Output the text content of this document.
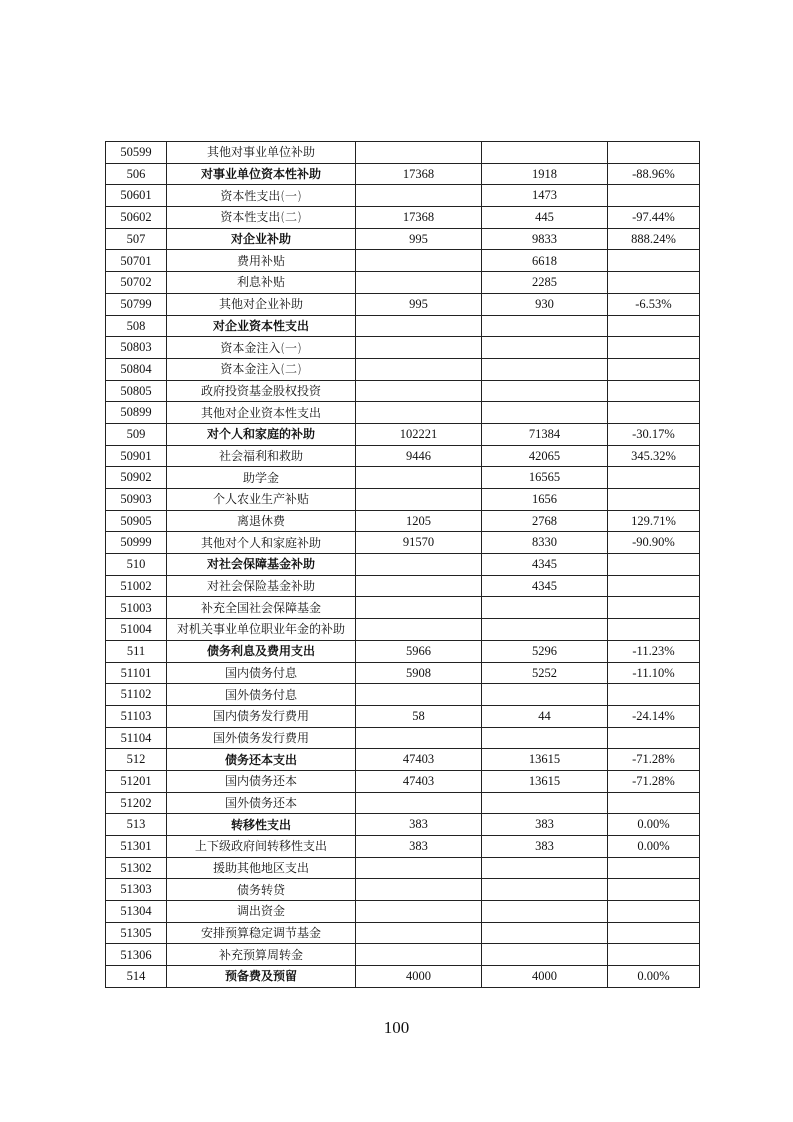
50599	其他对事业单位补助			
506	对事业单位资本性补助	17368	1918	-88.96%
50601	资本性支出(一)		1473	
50602	资本性支出(二)	17368	445	-97.44%
507	对企业补助	995	9833	888.24%
50701	费用补贴		6618	
50702	利息补贴		2285	
50799	其他对企业补助	995	930	-6.53%
508	对企业资本性支出			
50803	资本金注入(一)			
50804	资本金注入(二)			
50805	政府投资基金股权投资			
50899	其他对企业资本性支出			
509	对个人和家庭的补助	102221	71384	-30.17%
50901	社会福利和救助	9446	42065	345.32%
50902	助学金		16565	
50903	个人农业生产补贴		1656	
50905	离退休费	1205	2768	129.71%
50999	其他对个人和家庭补助	91570	8330	-90.90%
510	对社会保障基金补助		4345	
51002	对社会保险基金补助		4345	
51003	补充全国社会保障基金			
51004	对机关事业单位职业年金的补助			
511	债务利息及费用支出	5966	5296	-11.23%
51101	国内债务付息	5908	5252	-11.10%
51102	国外债务付息			
51103	国内债务发行费用	58	44	-24.14%
51104	国外债务发行费用			
512	债务还本支出	47403	13615	-71.28%
51201	国内债务还本	47403	13615	-71.28%
51202	国外债务还本			
513	转移性支出	383	383	0.00%
51301	上下级政府间转移性支出	383	383	0.00%
51302	援助其他地区支出			
51303	债务转贷			
51304	调出资金			
51305	安排预算稳定调节基金			
51306	补充预算周转金			
514	预备费及预留	4000	4000	0.00%
100
